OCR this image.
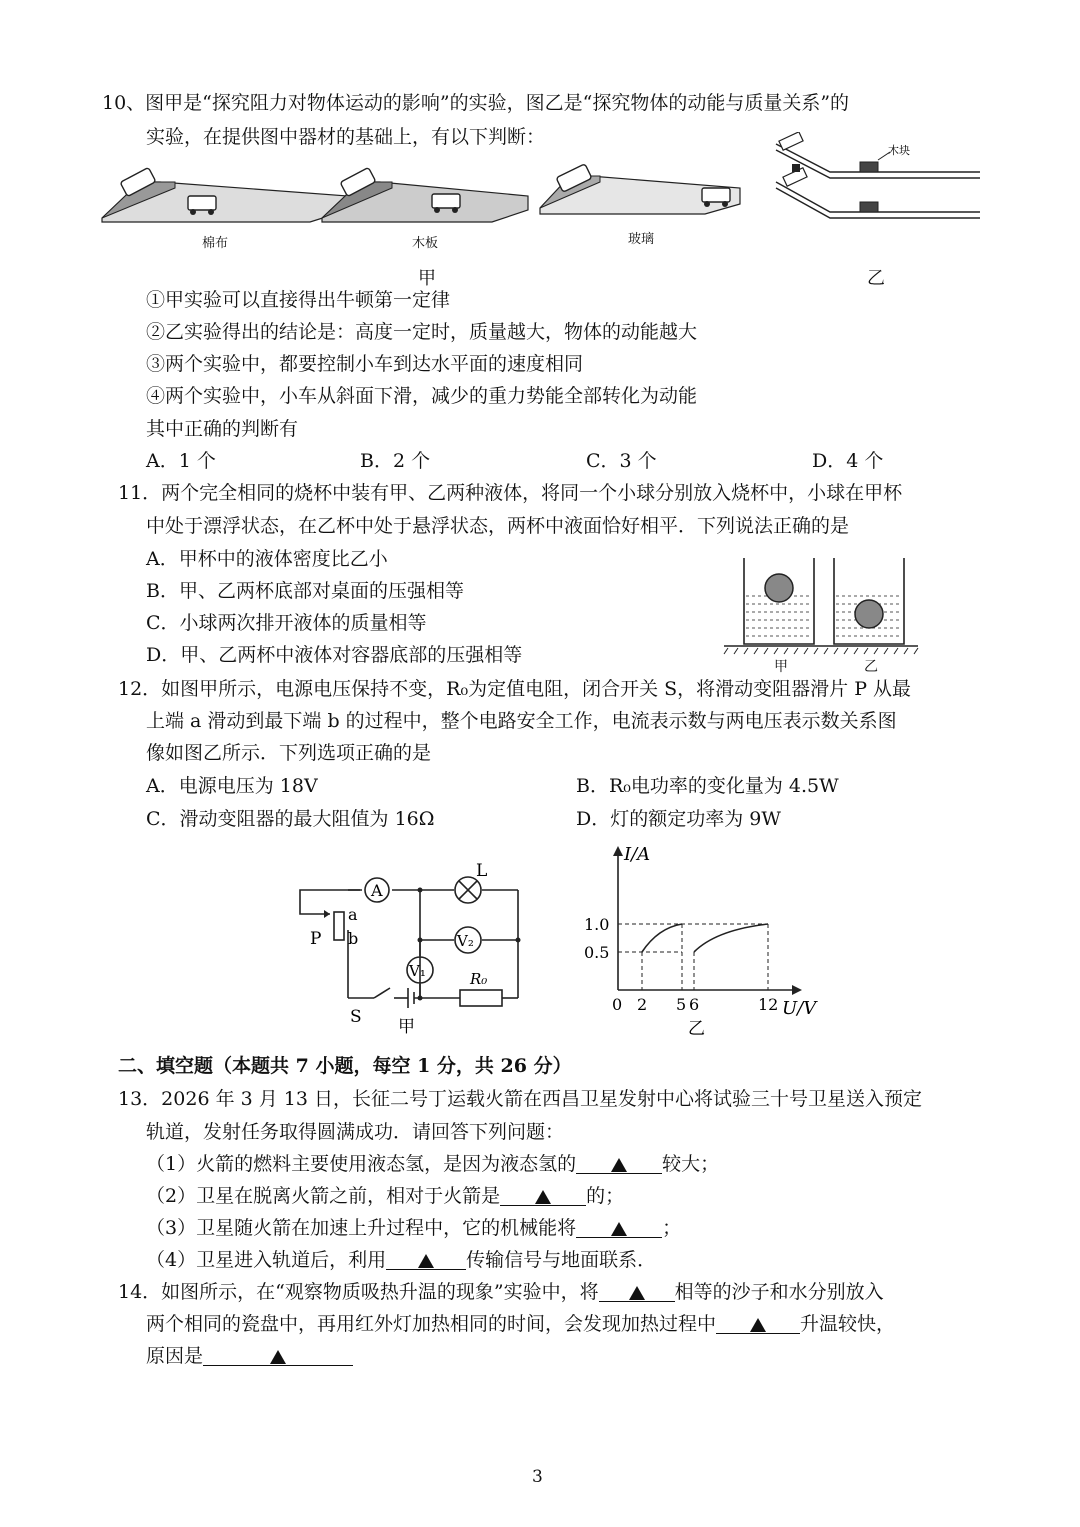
10、图甲是“探究阻力对物体运动的影响”的实验，图乙是“探究物体的动能与质量关系”的
实验，在提供图中器材的基础上，有以下判断：
棉布	木板	玻璃
甲
木块
乙
①甲实验可以直接得出牛顿第一定律
②乙实验得出的结论是：高度一定时，质量越大，物体的动能越大
③两个实验中，都要控制小车到达水平面的速度相同
④两个实验中，小车从斜面下滑，减少的重力势能全部转化为动能
其中正确的判断有
A．1 个	B．2 个	C．3 个	D．4 个
11．两个完全相同的烧杯中装有甲、乙两种液体，将同一个小球分别放入烧杯中，小球在甲杯
中处于漂浮状态，在乙杯中处于悬浮状态，两杯中液面恰好相平．下列说法正确的是
A．甲杯中的液体密度比乙小
B．甲、乙两杯底部对桌面的压强相等
C．小球两次排开液体的质量相等
D．甲、乙两杯中液体对容器底部的压强相等
甲	乙
12．如图甲所示，电源电压保持不变，R₀为定值电阻，闭合开关 S，将滑动变阻器滑片 P 从最
上端 a 滑动到最下端 b 的过程中，整个电路安全工作，电流表示数与两电压表示数关系图
像如图乙所示．下列选项正确的是
A．电源电压为 18V	B．R₀电功率的变化量为 4.5W
C．滑动变阻器的最大阻值为 16Ω	D．灯的额定功率为 9W
A
L
V₂
V₁	R₀
P
a
b
S 甲
I/A
U/V
1.0
0.5
0 2 5 6	12
乙
二、填空题（本题共 7 小题，每空 1 分，共 26 分）
13．2026 年 3 月 13 日，长征二号丁运载火箭在西昌卫星发射中心将试验三十号卫星送入预定
轨道，发射任务取得圆满成功．请回答下列问题：
（1）火箭的燃料主要使用液态氢，是因为液态氢的	较大；
（2）卫星在脱离火箭之前，相对于火箭是	的；
（3）卫星随火箭在加速上升过程中，它的机械能将	；
（4）卫星进入轨道后，利用	传输信号与地面联系．
14．如图所示，在“观察物质吸热升温的现象”实验中，将	相等的沙子和水分别放入
两个相同的瓷盘中，再用红外灯加热相同的时间，会发现加热过程中	升温较快，
原因是
3
